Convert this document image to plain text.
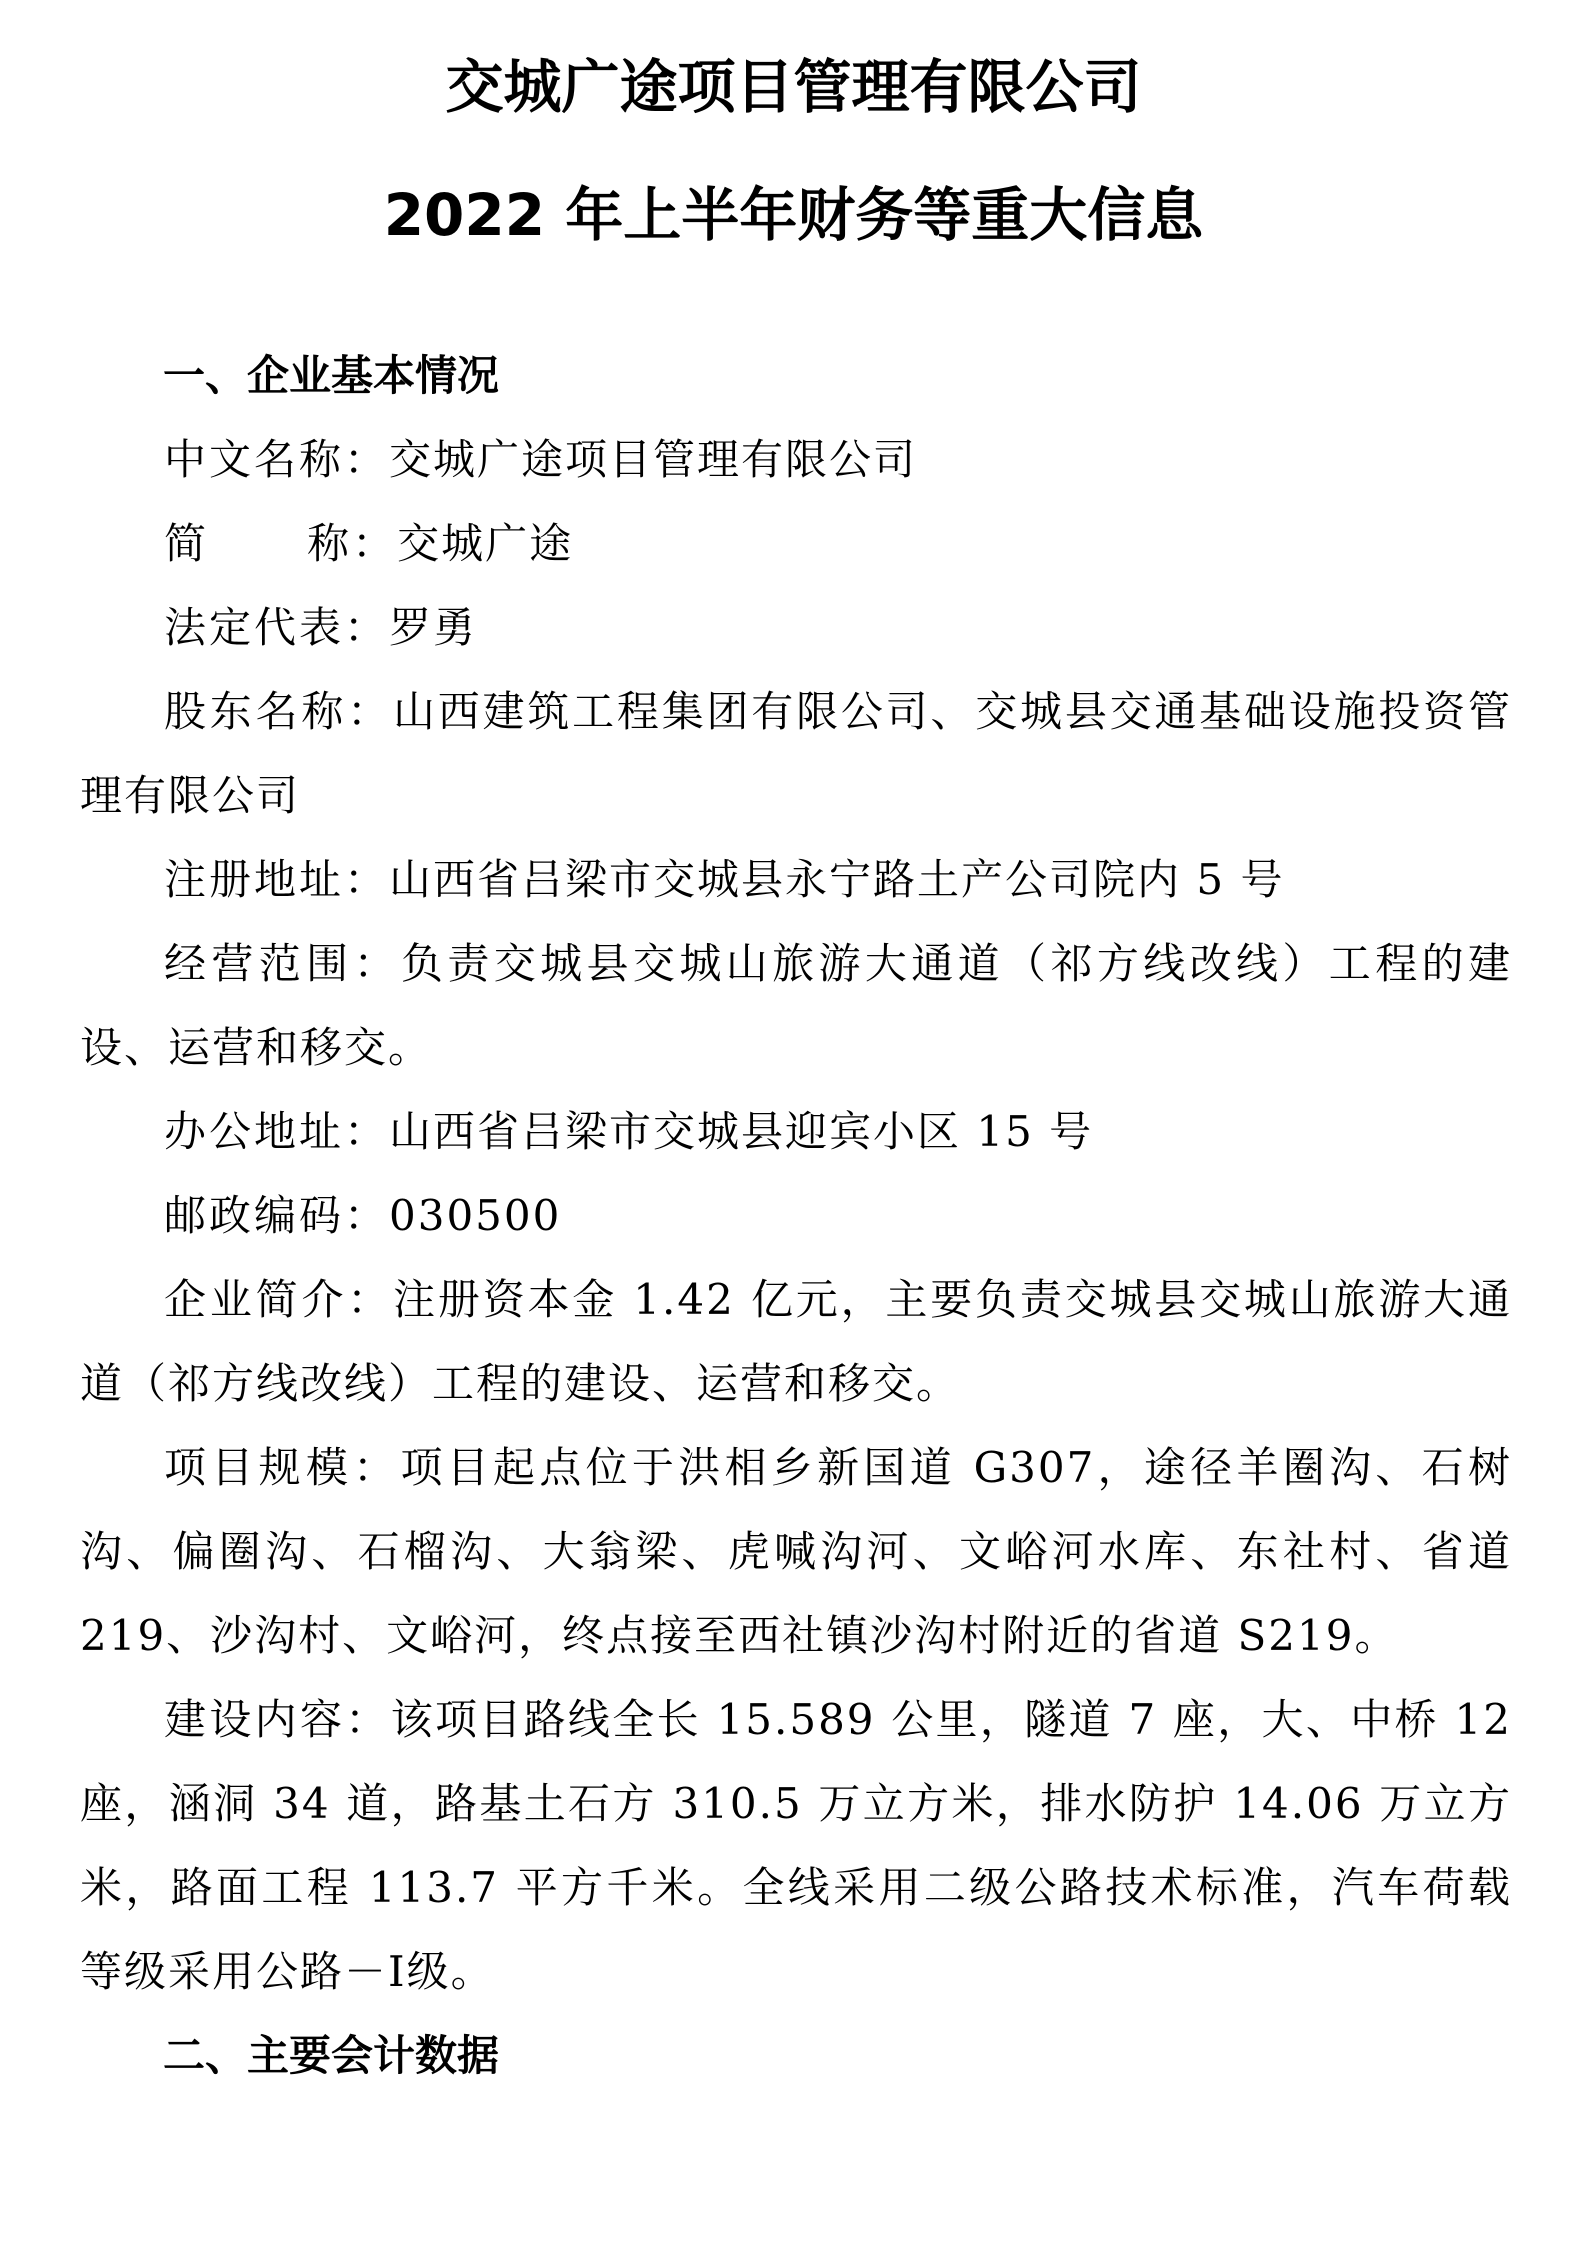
交城广途项目管理有限公司
2022 年上半年财务等重大信息
一、企业基本情况
中文名称：交城广途项目管理有限公司
简      称：交城广途
法定代表：罗勇
股东名称：山西建筑工程集团有限公司、交城县交通基础设施投资管理有限公司
注册地址：山西省吕梁市交城县永宁路土产公司院内 5 号
经营范围：负责交城县交城山旅游大通道（祁方线改线）工程的建设、运营和移交。
办公地址：山西省吕梁市交城县迎宾小区 15 号
邮政编码：030500
企业简介：注册资本金 1.42 亿元，主要负责交城县交城山旅游大通道（祁方线改线）工程的建设、运营和移交。
项目规模：项目起点位于洪相乡新国道 G307，途径羊圈沟、石树沟、偏圈沟、石榴沟、大翁梁、虎喊沟河、文峪河水库、东社村、省道 219、沙沟村、文峪河，终点接至西社镇沙沟村附近的省道 S219。
建设内容：该项目路线全长 15.589 公里，隧道 7 座，大、中桥 12 座，涵洞 34 道，路基土石方 310.5 万立方米，排水防护 14.06 万立方米，路面工程 113.7 平方千米。全线采用二级公路技术标准，汽车荷载等级采用公路－Ⅰ级。
二、主要会计数据
